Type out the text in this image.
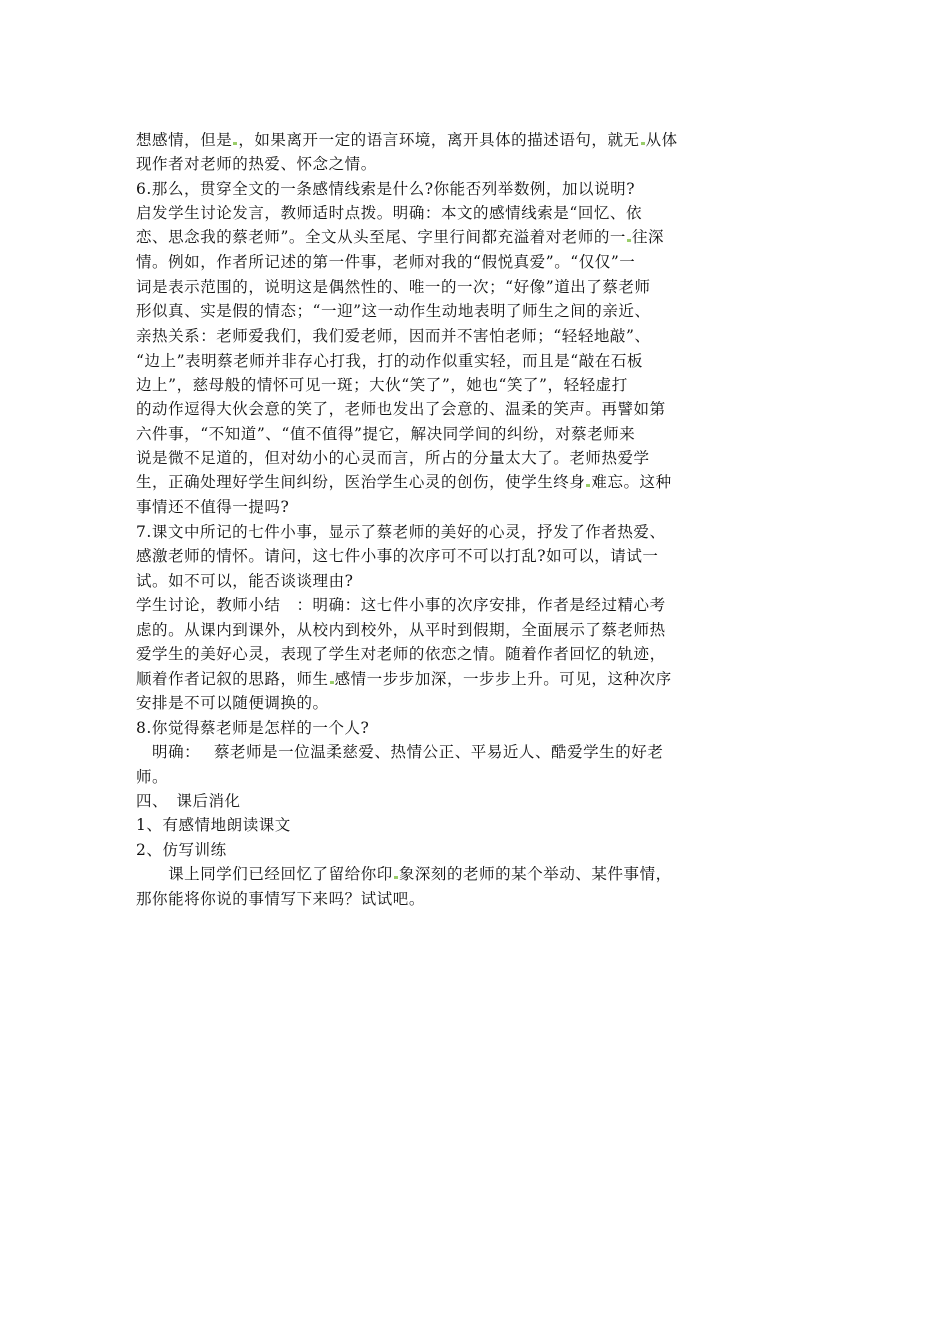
想感情，但是 ，如果离开一定的语言环境，离开具体的描述语句，就无 从体
现作者对老师的热爱、怀念之情。
6.那么，贯穿全文的一条感情线索是什么?你能否列举数例，加以说明?
启发学生讨论发言，教师适时点拨。明确：本文的感情线索是“回忆、依
恋、思念我的蔡老师”。全文从头至尾、字里行间都充溢着对老师的一 往深
情。例如，作者所记述的第一件事，老师对我的“假悦真爱”。“仅仅”一
词是表示范围的，说明这是偶然性的、唯一的一次；“好像”道出了蔡老师
形似真、实是假的情态；“一迎”这一动作生动地表明了师生之间的亲近、
亲热关系：老师爱我们，我们爱老师，因而并不害怕老师；“轻轻地敲”、
“边上”表明蔡老师并非存心打我，打的动作似重实轻，而且是“敲在石板
边上”，慈母般的情怀可见一斑；大伙“笑了”，她也“笑了”，轻轻虚打
的动作逗得大伙会意的笑了，老师也发出了会意的、温柔的笑声。再譬如第
六件事，“不知道”、“值不值得”提它，解决同学间的纠纷，对蔡老师来
说是微不足道的，但对幼小的心灵而言，所占的分量太大了。老师热爱学
生，正确处理好学生间纠纷，医治学生心灵的创伤，使学生终身 难忘。这种
事情还不值得一提吗?
7.课文中所记的七件小事，显示了蔡老师的美好的心灵，抒发了作者热爱、
感激老师的情怀。请问，这七件小事的次序可不可以打乱?如可以，请试一
试。如不可以，能否谈谈理由?
学生讨论，教师小结　：明确：这七件小事的次序安排，作者是经过精心考
虑的。从课内到课外，从校内到校外，从平时到假期，全面展示了蔡老师热
爱学生的美好心灵，表现了学生对老师的依恋之情。随着作者回忆的轨迹，
顺着作者记叙的思路，师生 感情一步步加深，一步步上升。可见，这种次序
安排是不可以随便调换的。
8.你觉得蔡老师是怎样的一个人?
　明确：　 蔡老师是一位温柔慈爱、热情公正、平易近人、酷爱学生的好老
师。
四、　课后消化
1、有感情地朗读课文
2、仿写训练
　　课上同学们已经回忆了留给你印 象深刻的老师的某个举动、某件事情，
那你能将你说的事情写下来吗？试试吧。
